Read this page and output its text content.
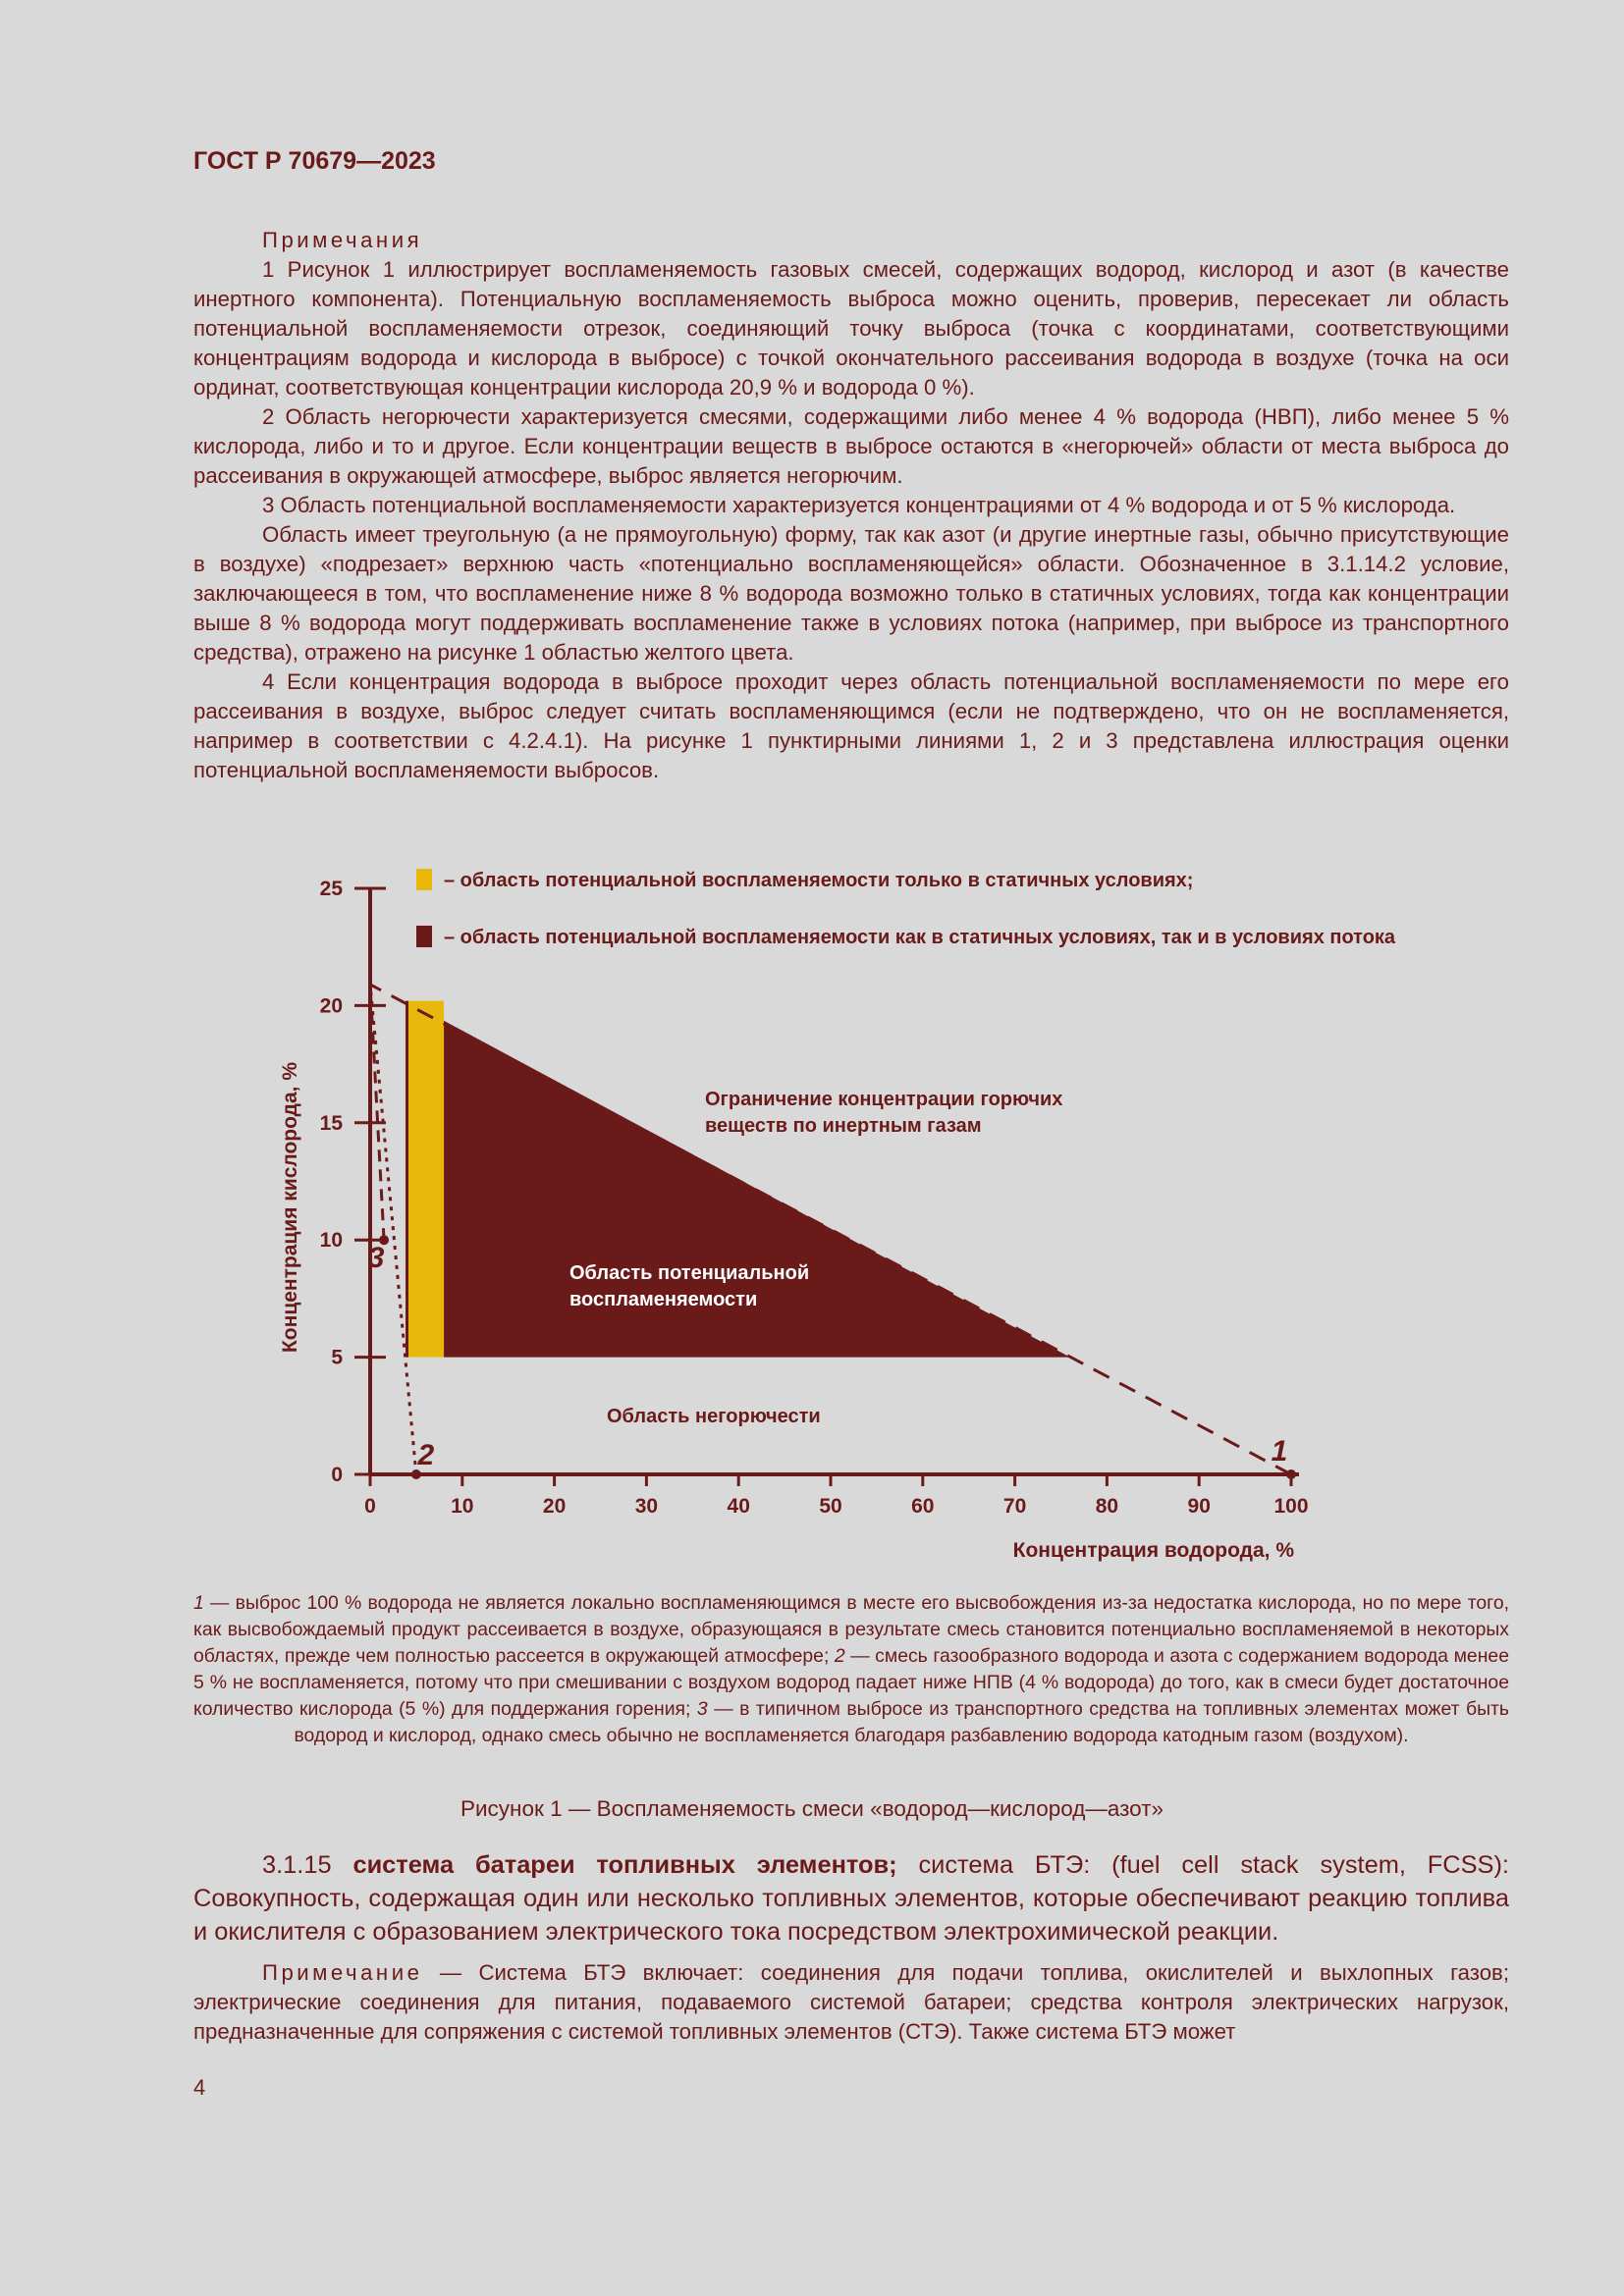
ГОСТ Р 70679—2023

Примечания

1 Рисунок 1 иллюстрирует воспламеняемость газовых смесей, содержащих водород, кислород и азот (в качестве инертного компонента). Потенциальную воспламеняемость выброса можно оценить, проверив, пересекает ли область потенциальной воспламеняемости отрезок, соединяющий точку выброса (точка с координатами, соответствующими концентрациям водорода и кислорода в выбросе) с точкой окончательного рассеивания водорода в воздухе (точка на оси ординат, соответствующая концентрации кислорода 20,9 % и водорода 0 %).

2 Область негорючести характеризуется смесями, содержащими либо менее 4 % водорода (НВП), либо менее 5 % кислорода, либо и то и другое. Если концентрации веществ в выбросе остаются в «негорючей» области от места выброса до рассеивания в окружающей атмосфере, выброс является негорючим.

3 Область потенциальной воспламеняемости характеризуется концентрациями от 4 % водорода и от 5 % кислорода.

Область имеет треугольную (а не прямоугольную) форму, так как азот (и другие инертные газы, обычно присутствующие в воздухе) «подрезает» верхнюю часть «потенциально воспламеняющейся» области. Обозначенное в 3.1.14.2 условие, заключающееся в том, что воспламенение ниже 8 % водорода возможно только в статичных условиях, тогда как концентрации выше 8 % водорода могут поддерживать воспламенение также в условиях потока (например, при выбросе из транспортного средства), отражено на рисунке 1 областью желтого цвета.

4 Если концентрация водорода в выбросе проходит через область потенциальной воспламеняемости по мере его рассеивания в воздухе, выброс следует считать воспламеняющимся (если не подтверждено, что он не воспламеняется, например в соответствии с 4.2.4.1). На рисунке 1 пунктирными линиями 1, 2 и 3 представлена иллюстрация оценки потенциальной воспламеняемости выбросов.

1
2
3
0	10	20	30	40	50	60	70	80	90	100
0
5
10
15
20
25	– область потенциальной воспламеняемости только в статичных условиях;
– область потенциальной воспламеняемости как в статичных условиях, так и в условиях потока
Ограничение концентрации горючих
веществ по инертным газам
Область потенциальной
воспламеняемости
Область негорючести
Концентрация водорода, %
Концентрация кислорода, %
1 — выброс 100 % водорода не является локально воспламеняющимся в месте его высвобождения из-за недостатка кислорода, но по мере того, как высвобождаемый продукт рассеивается в воздухе, образующаяся в результате смесь становится потенциально воспламеняемой в некоторых областях, прежде чем полностью рассеется в окружающей атмосфере; 2 — смесь газообразного водорода и азота с содержанием водорода менее 5 % не воспламеняется, потому что при смешивании с воздухом водород падает ниже НПВ (4 % водорода) до того, как в смеси будет достаточное количество кислорода (5 %) для поддержания горения; 3 — в типичном выбросе из транспортного средства на топливных элементах может быть водород и кислород, однако смесь обычно не воспламеняется благодаря разбавлению водорода катодным газом (воздухом).
Рисунок 1 — Воспламеняемость смеси «водород—кислород—азот»

3.1.15 система батареи топливных элементов; система БТЭ: (fuel cell stack system, FCSS): Совокупность, содержащая один или несколько топливных элементов, которые обеспечивают реакцию топлива и окислителя с образованием электрического тока посредством электрохимической реакции.

Примечание — Система БТЭ включает: соединения для подачи топлива, окислителей и выхлопных газов; электрические соединения для питания, подаваемого системой батареи; средства контроля электрических нагрузок, предназначенные для сопряжения с системой топливных элементов (СТЭ). Также система БТЭ может

4
